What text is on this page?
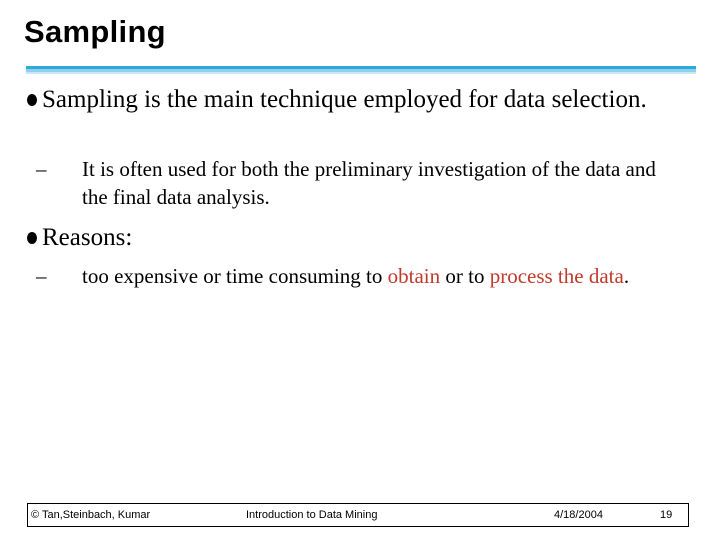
Sampling
Sampling is the main technique employed for data selection.
– It is often used for both the preliminary investigation of the data and the final data analysis.
Reasons:
– too expensive or time consuming to obtain or to process the data.
© Tan,Steinbach, Kumar	Introduction to Data Mining	4/18/2004	19
